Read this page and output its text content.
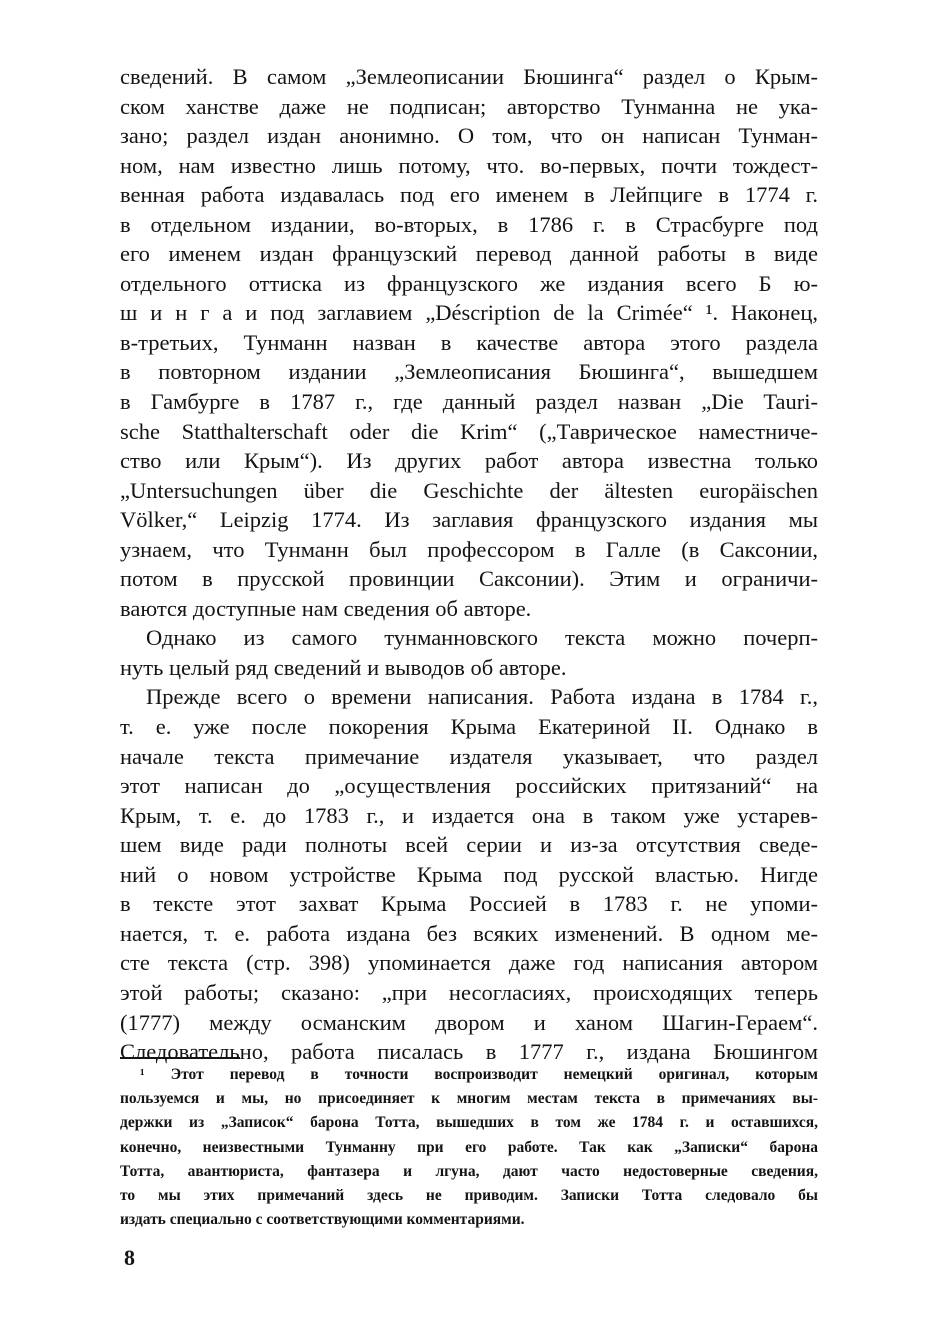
сведений. В самом „Землеописании Бюшинга“ раздел о Крым-
ском ханстве даже не подписан; авторство Тунманна не ука-
зано; раздел издан анонимно. О том, что он написан Тунман-
ном, нам известно лишь потому, что. во-первых, почти тождест-
венная работа издавалась под его именем в Лейпциге в 1774 г.
в отдельном издании, во-вторых, в 1786 г. в Страсбурге под
его именем издан французский перевод данной работы в виде
отдельного оттиска из французского же издания всего Б ю-
ш и н г а и под заглавием „Déscription de la Crimée“ ¹. Наконец,
в-третьих, Тунманн назван в качестве автора этого раздела
в повторном издании „Землеописания Бюшинга“, вышедшем
в Гамбурге в 1787 г., где данный раздел назван „Die Tauri-
sche Statthalterschaft oder die Krim“ („Таврическое наместниче-
ство или Крым“). Из других работ автора известна только
„Untersuchungen über die Geschichte der ältesten europäischen
Völker,“ Leipzig 1774. Из заглавия французского издания мы
узнаем, что Тунманн был профессором в Галле (в Саксонии,
потом в прусской провинции Саксонии). Этим и ограничи-
ваются доступные нам сведения об авторе.
Однако из самого тунманновского текста можно почерп-
нуть целый ряд сведений и выводов об авторе.
Прежде всего о времени написания. Работа издана в 1784 г.,
т. е. уже после покорения Крыма Екатериной II. Однако в
начале текста примечание издателя указывает, что раздел
этот написан до „осуществления российских притязаний“ на
Крым, т. е. до 1783 г., и издается она в таком уже устарев-
шем виде ради полноты всей серии и из-за отсутствия сведе-
ний о новом устройстве Крыма под русской властью. Нигде
в тексте этот захват Крыма Россией в 1783 г. не упоми-
нается, т. е. работа издана без всяких изменений. В одном ме-
сте текста (стр. 398) упоминается даже год написания автором
этой работы; сказано: „при несогласиях, происходящих теперь
(1777) между османским двором и ханом Шагин-Гераем“.
Следовательно, работа писалась в 1777 г., издана Бюшингом
¹ Этот перевод в точности воспроизводит немецкий оригинал, которым
пользуемся и мы, но присоединяет к многим местам текста в примечаниях вы-
держки из „Записок“ барона Тотта, вышедших в том же 1784 г. и оставшихся,
конечно, неизвестными Тунманну при его работе. Так как „Записки“ барона
Тотта, авантюриста, фантазера и лгуна, дают часто недостоверные сведения,
то мы этих примечаний здесь не приводим. Записки Тотта следовало бы
издать специально с соответствующими комментариями.
8
